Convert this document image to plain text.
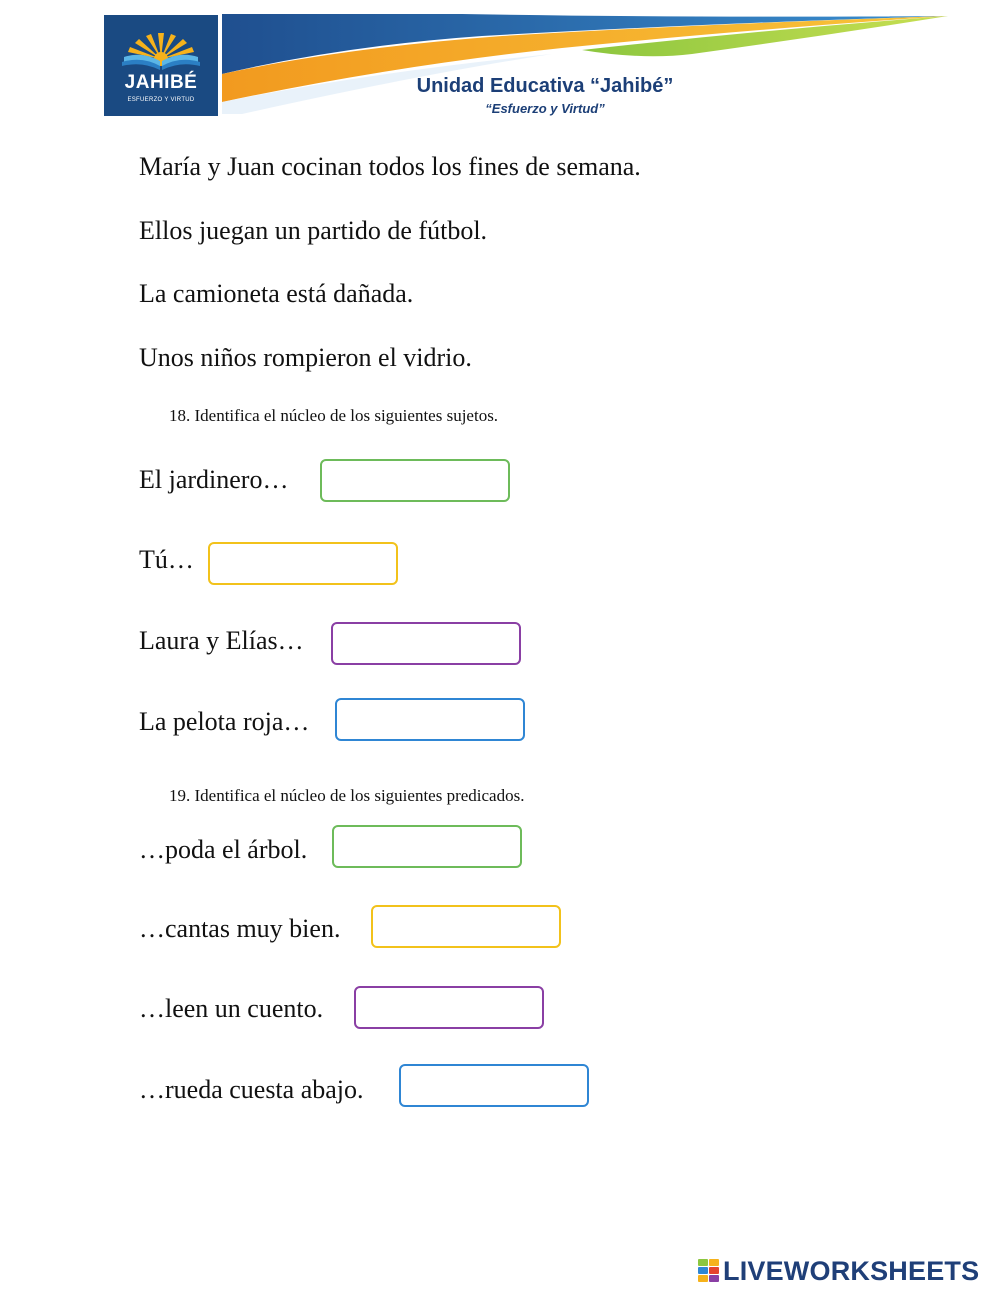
JAHIBÉ
ESFUERZO Y VIRTUD
Unidad Educativa “Jahibé”
“Esfuerzo y Virtud”
María y Juan cocinan todos los fines de semana.
Ellos juegan un partido de fútbol.
La camioneta está dañada.
Unos niños rompieron el vidrio.
18. Identifica el núcleo de los siguientes sujetos.
El jardinero…
Tú…
Laura y Elías…
La pelota roja…
19. Identifica el núcleo de los siguientes predicados.
…poda el árbol.
…cantas muy bien.
…leen un cuento.
…rueda cuesta abajo.
LIVEWORKSHEETS
